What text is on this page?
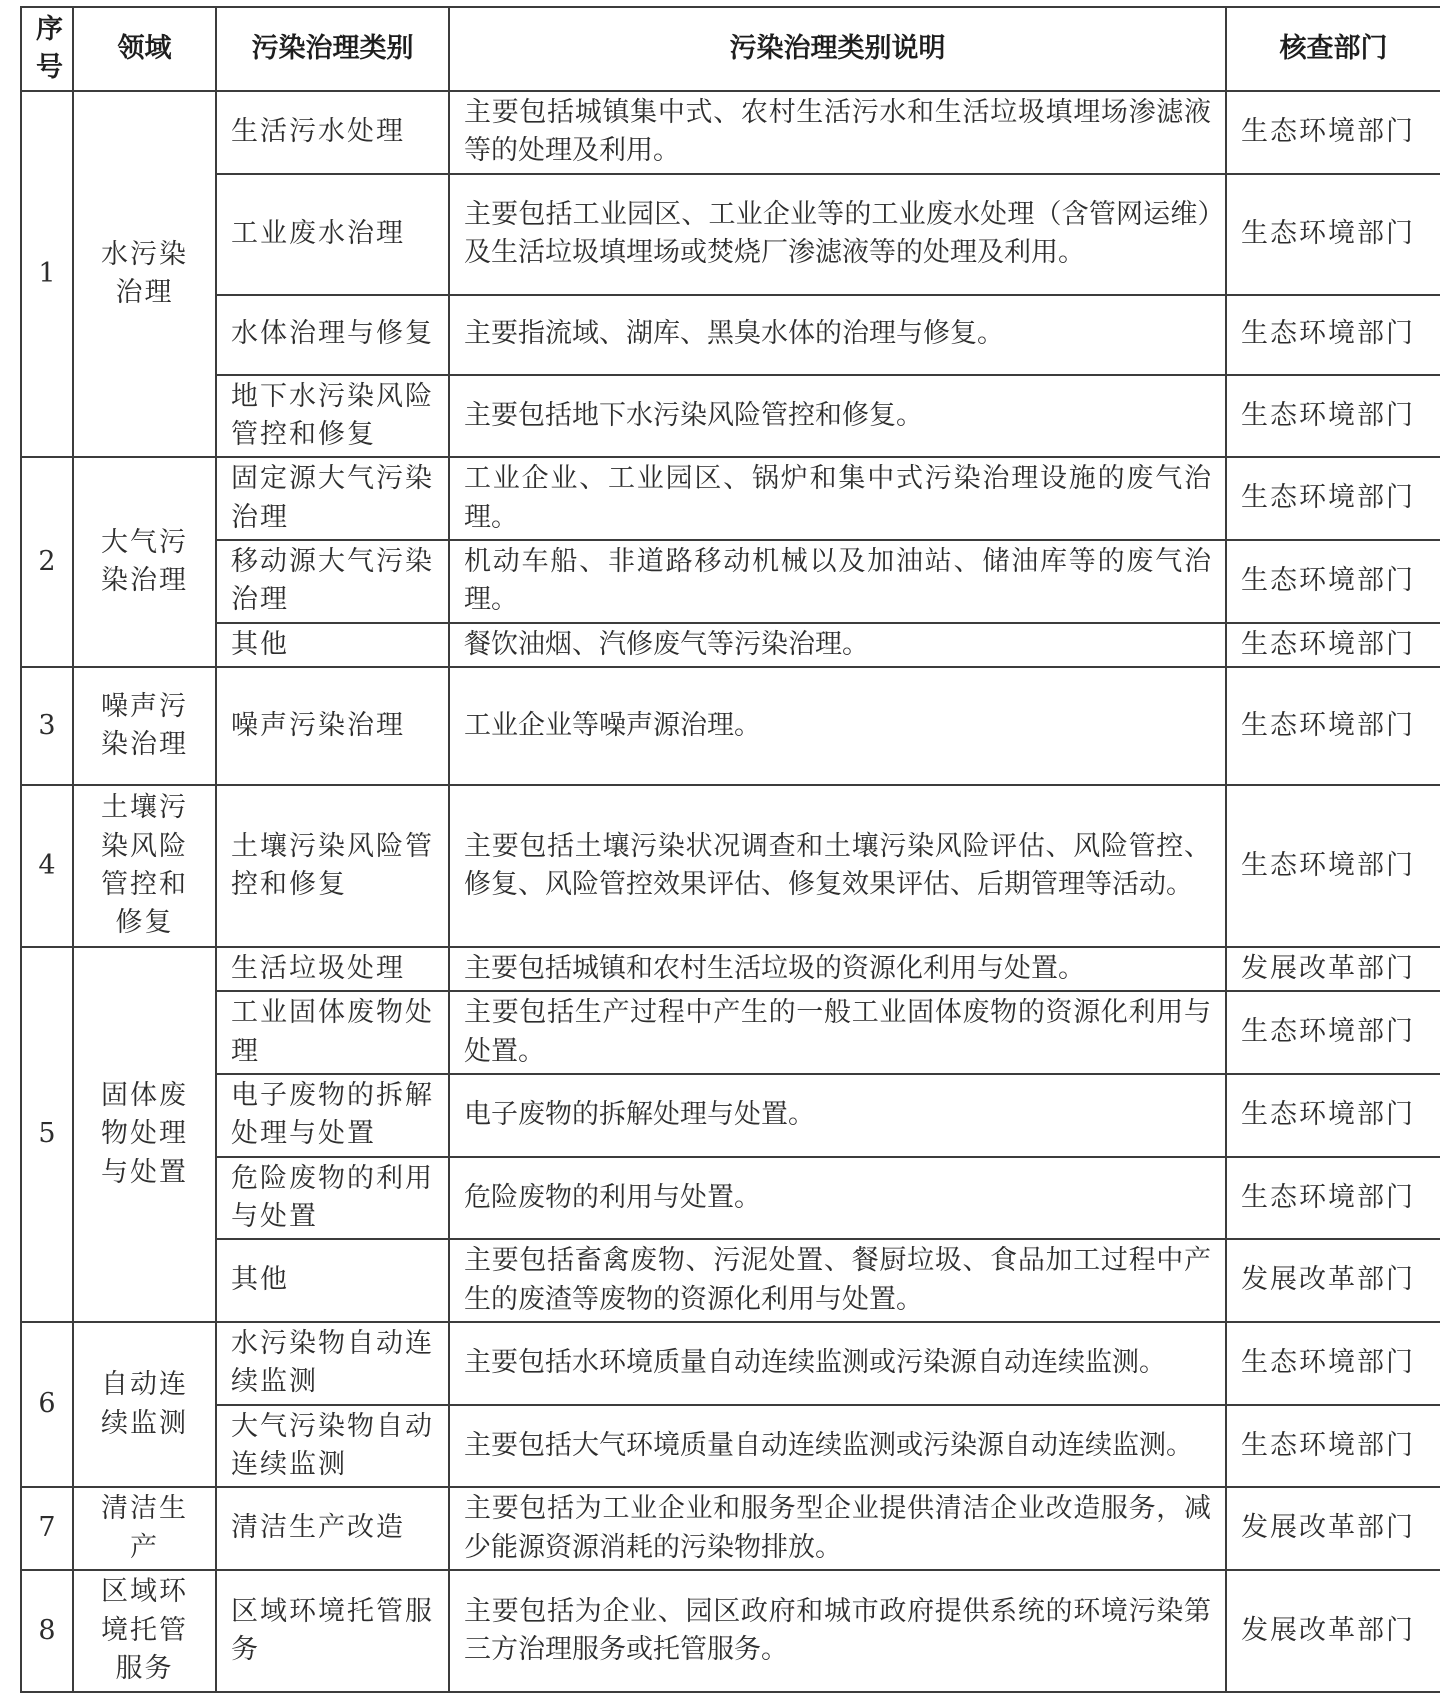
序号	领域	污染治理类别	污染治理类别说明	核查部门
1	水污染治理	生活污水处理	主要包括城镇集中式、农村生活污水和生活垃圾填埋场渗滤液等的处理及利用。	生态环境部门
		工业废水治理	主要包括工业园区、工业企业等的工业废水处理（含管网运维）及生活垃圾填埋场或焚烧厂渗滤液等的处理及利用。	生态环境部门
		水体治理与修复	主要指流域、湖库、黑臭水体的治理与修复。	生态环境部门
		地下水污染风险管控和修复	主要包括地下水污染风险管控和修复。	生态环境部门
2	大气污染治理	固定源大气污染治理	工业企业、工业园区、锅炉和集中式污染治理设施的废气治理。	生态环境部门
		移动源大气污染治理	机动车船、非道路移动机械以及加油站、储油库等的废气治理。	生态环境部门
		其他	餐饮油烟、汽修废气等污染治理。	生态环境部门
3	噪声污染治理	噪声污染治理	工业企业等噪声源治理。	生态环境部门
4	土壤污染风险管控和修复	土壤污染风险管控和修复	主要包括土壤污染状况调查和土壤污染风险评估、风险管控、修复、风险管控效果评估、修复效果评估、后期管理等活动。	生态环境部门
5	固体废物处理与处置	生活垃圾处理	主要包括城镇和农村生活垃圾的资源化利用与处置。	发展改革部门
		工业固体废物处理	主要包括生产过程中产生的一般工业固体废物的资源化利用与处置。	生态环境部门
		电子废物的拆解处理与处置	电子废物的拆解处理与处置。	生态环境部门
		危险废物的利用与处置	危险废物的利用与处置。	生态环境部门
		其他	主要包括畜禽废物、污泥处置、餐厨垃圾、食品加工过程中产生的废渣等废物的资源化利用与处置。	发展改革部门
6	自动连续监测	水污染物自动连续监测	主要包括水环境质量自动连续监测或污染源自动连续监测。	生态环境部门
		大气污染物自动连续监测	主要包括大气环境质量自动连续监测或污染源自动连续监测。	生态环境部门
7	清洁生产	清洁生产改造	主要包括为工业企业和服务型企业提供清洁企业改造服务，减少能源资源消耗的污染物排放。	发展改革部门
8	区域环境托管服务	区域环境托管服务	主要包括为企业、园区政府和城市政府提供系统的环境污染第三方治理服务或托管服务。	发展改革部门
